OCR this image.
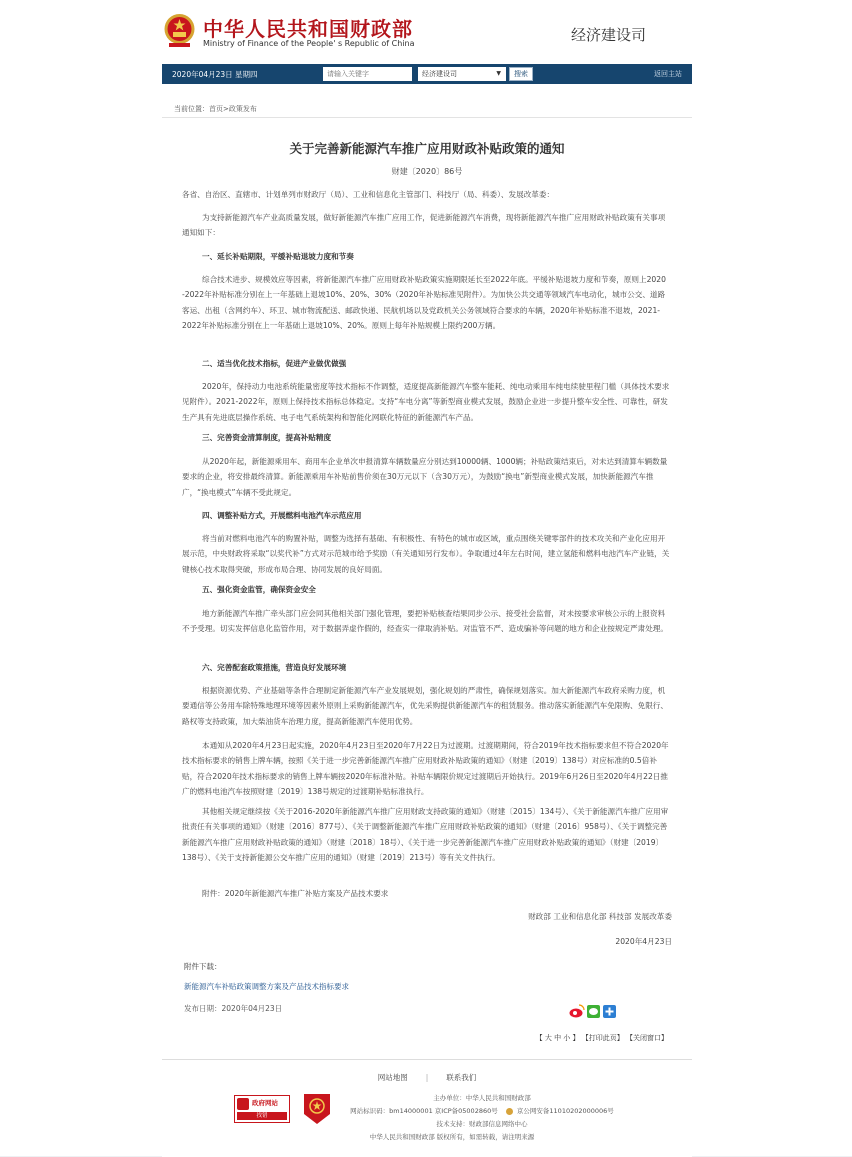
中华人民共和国财政部
Ministry of Finance of the People' s Republic of China	经济建设司
2020年04月23日 星期四
请输入关键字	经济建设司	▼	搜索	返回主站
当前位置：首页>政策发布
关于完善新能源汽车推广应用财政补贴政策的通知
财建〔2020〕86号
各省、自治区、直辖市、计划单列市财政厅（局）、工业和信息化主管部门、科技厅（局、科委）、发展改革委：
为支持新能源汽车产业高质量发展，做好新能源汽车推广应用工作，促进新能源汽车消费，现将新能源汽车推广应用财政补贴政策有关事项通知如下：
一、延长补贴期限，平缓补贴退坡力度和节奏
综合技术进步、规模效应等因素，将新能源汽车推广应用财政补贴政策实施期限延长至2022年底。平缓补贴退坡力度和节奏，原则上2020 -2022年补贴标准分别在上一年基础上退坡10%、20%、30%（2020年补贴标准见附件）。为加快公共交通等领域汽车电动化，城市公交、道路客运、出租（含网约车）、环卫、城市物流配送、邮政快递、民航机场以及党政机关公务领域符合要求的车辆，2020年补贴标准不退坡，2021-2022年补贴标准分别在上一年基础上退坡10%、20%。原则上每年补贴规模上限约200万辆。
二、适当优化技术指标，促进产业做优做强
2020年，保持动力电池系统能量密度等技术指标不作调整，适度提高新能源汽车整车能耗、纯电动乘用车纯电续驶里程门槛（具体技术要求见附件）。2021-2022年，原则上保持技术指标总体稳定。支持“车电分离”等新型商业模式发展，鼓励企业进一步提升整车安全性、可靠性，研发生产具有先进底层操作系统、电子电气系统架构和智能化网联化特征的新能源汽车产品。
三、完善资金清算制度，提高补贴精度
从2020年起，新能源乘用车、商用车企业单次申报清算车辆数量应分别达到10000辆、1000辆；补贴政策结束后，对未达到清算车辆数量要求的企业，将安排最终清算。新能源乘用车补贴前售价须在30万元以下（含30万元），为鼓励“换电”新型商业模式发展，加快新能源汽车推广，“换电模式”车辆不受此规定。
四、调整补贴方式，开展燃料电池汽车示范应用
将当前对燃料电池汽车的购置补贴，调整为选择有基础、有积极性、有特色的城市或区域，重点围绕关键零部件的技术攻关和产业化应用开展示范，中央财政将采取“以奖代补”方式对示范城市给予奖励（有关通知另行发布）。争取通过4年左右时间，建立氢能和燃料电池汽车产业链，关键核心技术取得突破，形成布局合理、协同发展的良好局面。
五、强化资金监管，确保资金安全
地方新能源汽车推广牵头部门应会同其他相关部门强化管理，要把补贴核查结果同步公示、接受社会监督，对未按要求审核公示的上报资料不予受理。切实发挥信息化监管作用，对于数据弄虚作假的，经查实一律取消补贴。对监管不严、造成骗补等问题的地方和企业按规定严肃处理。
六、完善配套政策措施，营造良好发展环境
根据资源优势、产业基础等条件合理制定新能源汽车产业发展规划，强化规划的严肃性，确保规划落实。加大新能源汽车政府采购力度，机要通信等公务用车除特殊地理环境等因素外原则上采购新能源汽车，优先采购提供新能源汽车的租赁服务。推动落实新能源汽车免限购、免限行、路权等支持政策，加大柴油货车治理力度，提高新能源汽车使用优势。
本通知从2020年4月23日起实施，2020年4月23日至2020年7月22日为过渡期。过渡期期间，符合2019年技术指标要求但不符合2020年技术指标要求的销售上牌车辆，按照《关于进一步完善新能源汽车推广应用财政补贴政策的通知》（财建〔2019〕138号）对应标准的0.5倍补贴，符合2020年技术指标要求的销售上牌车辆按2020年标准补贴。补贴车辆限价规定过渡期后开始执行。2019年6月26日至2020年4月22日推广的燃料电池汽车按照财建〔2019〕138号规定的过渡期补贴标准执行。
其他相关规定继续按《关于2016-2020年新能源汽车推广应用财政支持政策的通知》（财建〔2015〕134号）、《关于新能源汽车推广应用审批责任有关事项的通知》（财建〔2016〕877号）、《关于调整新能源汽车推广应用财政补贴政策的通知》（财建〔2016〕958号）、《关于调整完善新能源汽车推广应用财政补贴政策的通知》（财建〔2018〕18号）、《关于进一步完善新能源汽车推广应用财政补贴政策的通知》（财建〔2019〕138号）、《关于支持新能源公交车推广应用的通知》（财建〔2019〕213号）等有关文件执行。
附件：2020年新能源汽车推广补贴方案及产品技术要求
财政部 工业和信息化部 科技部 发展改革委
2020年4月23日
附件下载：
新能源汽车补贴政策调整方案及产品技术指标要求
发布日期：2020年04月23日
【 大 中 小 】 【打印此页】 【关闭窗口】
网站地图 | 联系我们
政府网站
找错
主办单位：中华人民共和国财政部
网站标识码：bm14000001 京ICP备05002860号	京公网安备11010202000006号
技术支持：财政部信息网络中心
中华人民共和国财政部 版权所有，如需转载，请注明来源
